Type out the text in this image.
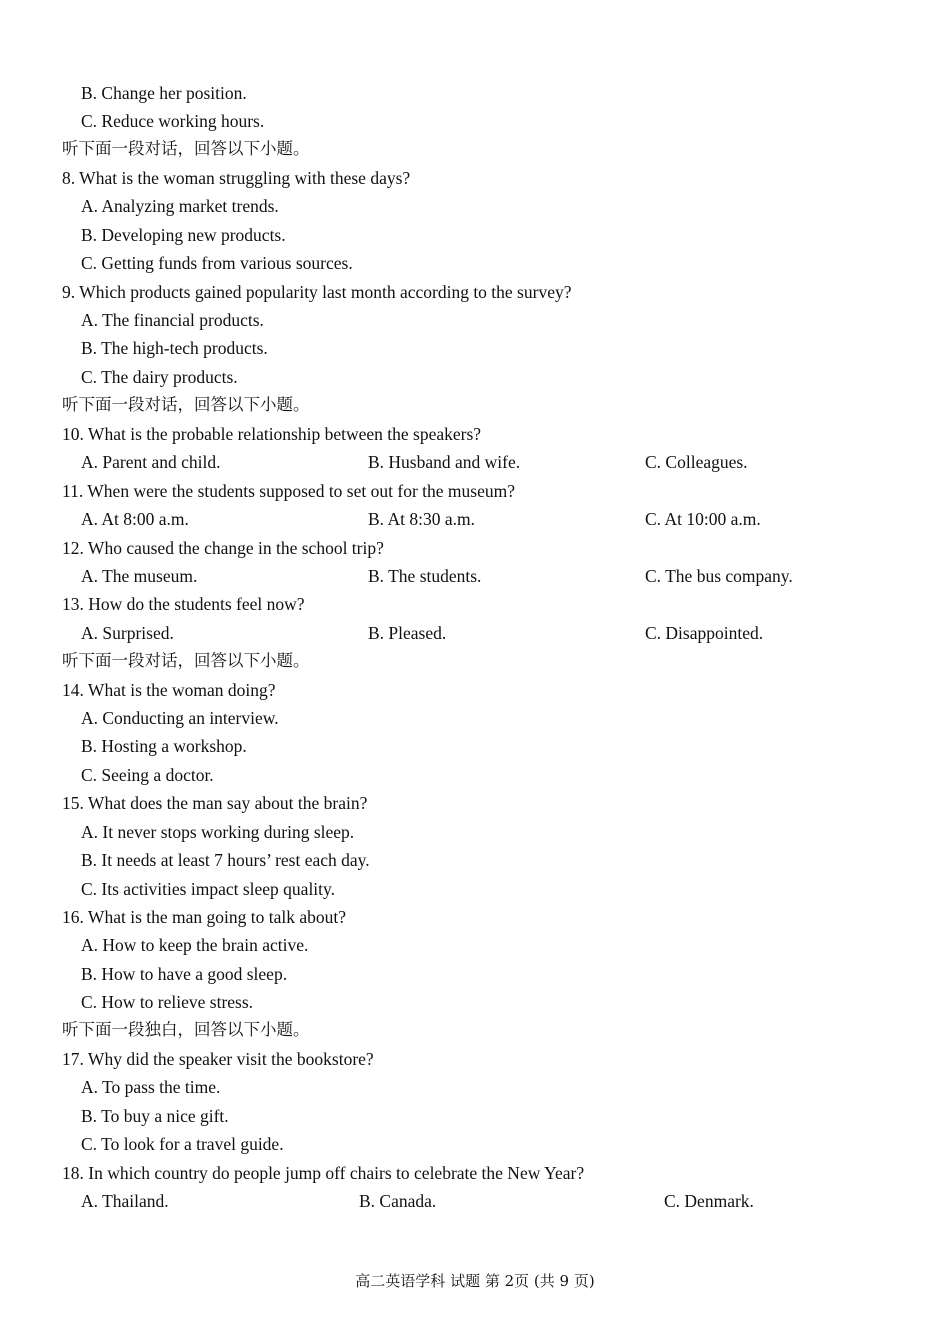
B. Change her position.
C. Reduce working hours.
听下面一段对话，回答以下小题。
8. What is the woman struggling with these days?
A. Analyzing market trends.
B. Developing new products.
C. Getting funds from various sources.
9. Which products gained popularity last month according to the survey?
A. The financial products.
B. The high-tech products.
C. The dairy products.
听下面一段对话，回答以下小题。
10. What is the probable relationship between the speakers?
A. Parent and child.	B. Husband and wife.	C. Colleagues.
11. When were the students supposed to set out for the museum?
A. At 8:00 a.m.	B. At 8:30 a.m.	C. At 10:00 a.m.
12. Who caused the change in the school trip?
A. The museum.	B. The students.	C. The bus company.
13. How do the students feel now?
A. Surprised.	B. Pleased.	C. Disappointed.
听下面一段对话，回答以下小题。
14. What is the woman doing?
A. Conducting an interview.
B. Hosting a workshop.
C. Seeing a doctor.
15. What does the man say about the brain?
A. It never stops working during sleep.
B. It needs at least 7 hours’ rest each day.
C. Its activities impact sleep quality.
16. What is the man going to talk about?
A. How to keep the brain active.
B. How to have a good sleep.
C. How to relieve stress.
听下面一段独白，回答以下小题。
17. Why did the speaker visit the bookstore?
A. To pass the time.
B. To buy a nice gift.
C. To look for a travel guide.
18. In which country do people jump off chairs to celebrate the New Year?
A. Thailand.	B. Canada.	C. Denmark.
高二英语学科 试题 第 2页 (共 9 页)
